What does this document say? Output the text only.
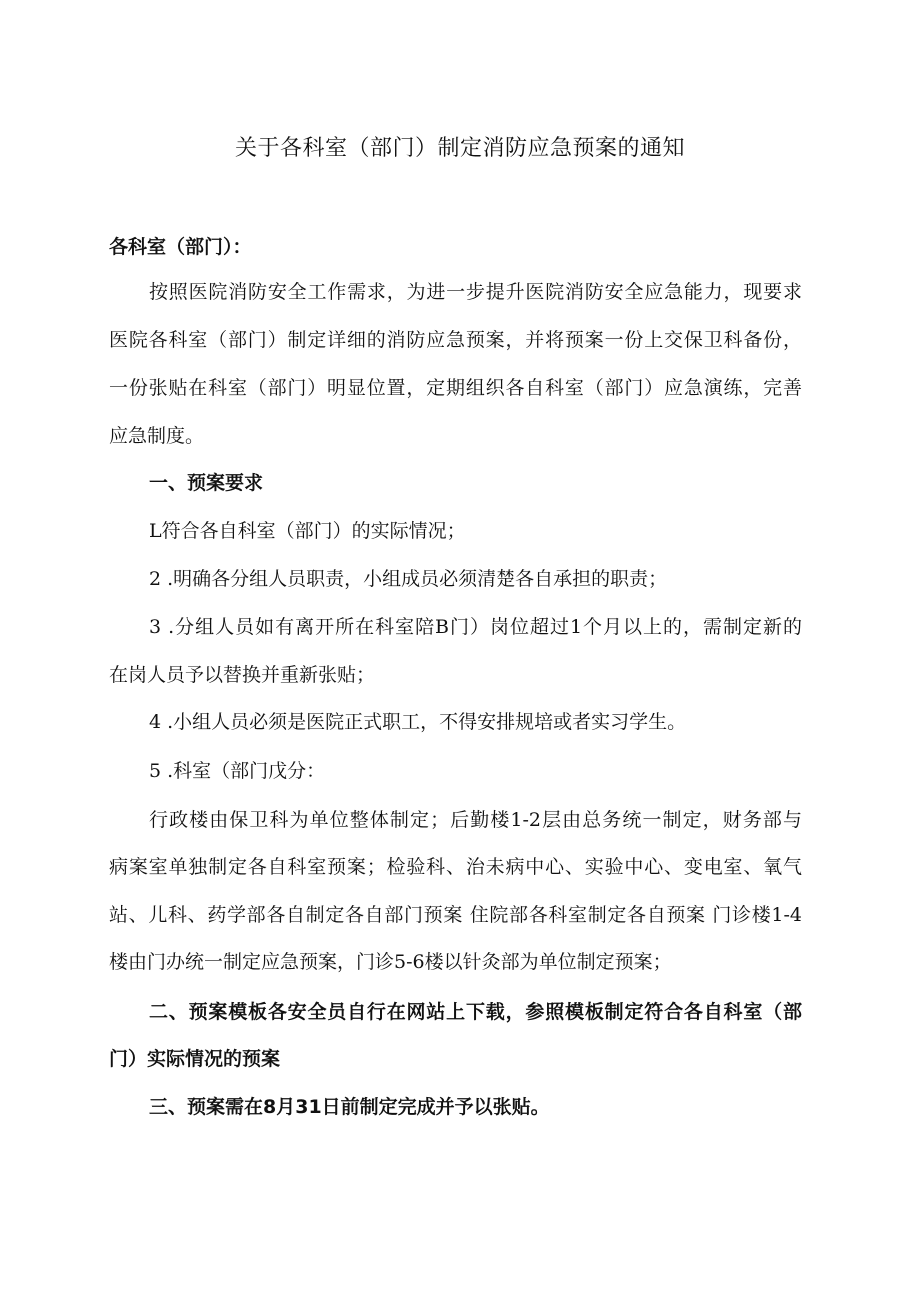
关于各科室（部门）制定消防应急预案的通知

各科室（部门）：

按照医院消防安全工作需求，为进一步提升医院消防安全应急能力，现要求

医院各科室（部门）制定详细的消防应急预案，并将预案一份上交保卫科备份，

一份张贴在科室（部门）明显位置，定期组织各自科室（部门）应急演练，完善

应急制度。

一、预案要求

L符合各自科室（部门）的实际情况；

2 .明确各分组人员职责，小组成员必须清楚各自承担的职责；

3 .分组人员如有离开所在科室陪B门）岗位超过1个月以上的，需制定新的

在岗人员予以替换并重新张贴；

4 .小组人员必须是医院正式职工，不得安排规培或者实习学生。

5 .科室（部门戊分：

行政楼由保卫科为单位整体制定；后勤楼1-2层由总务统一制定，财务部与

病案室单独制定各自科室预案；检验科、治未病中心、实验中心、变电室、氧气

站、儿科、药学部各自制定各自部门预案 住院部各科室制定各自预案 门诊楼1-4

楼由门办统一制定应急预案，门诊5-6楼以针灸部为单位制定预案；

二、预案模板各安全员自行在网站上下载，参照模板制定符合各自科室（部

门）实际情况的预案

三、预案需在8月31日前制定完成并予以张贴。
